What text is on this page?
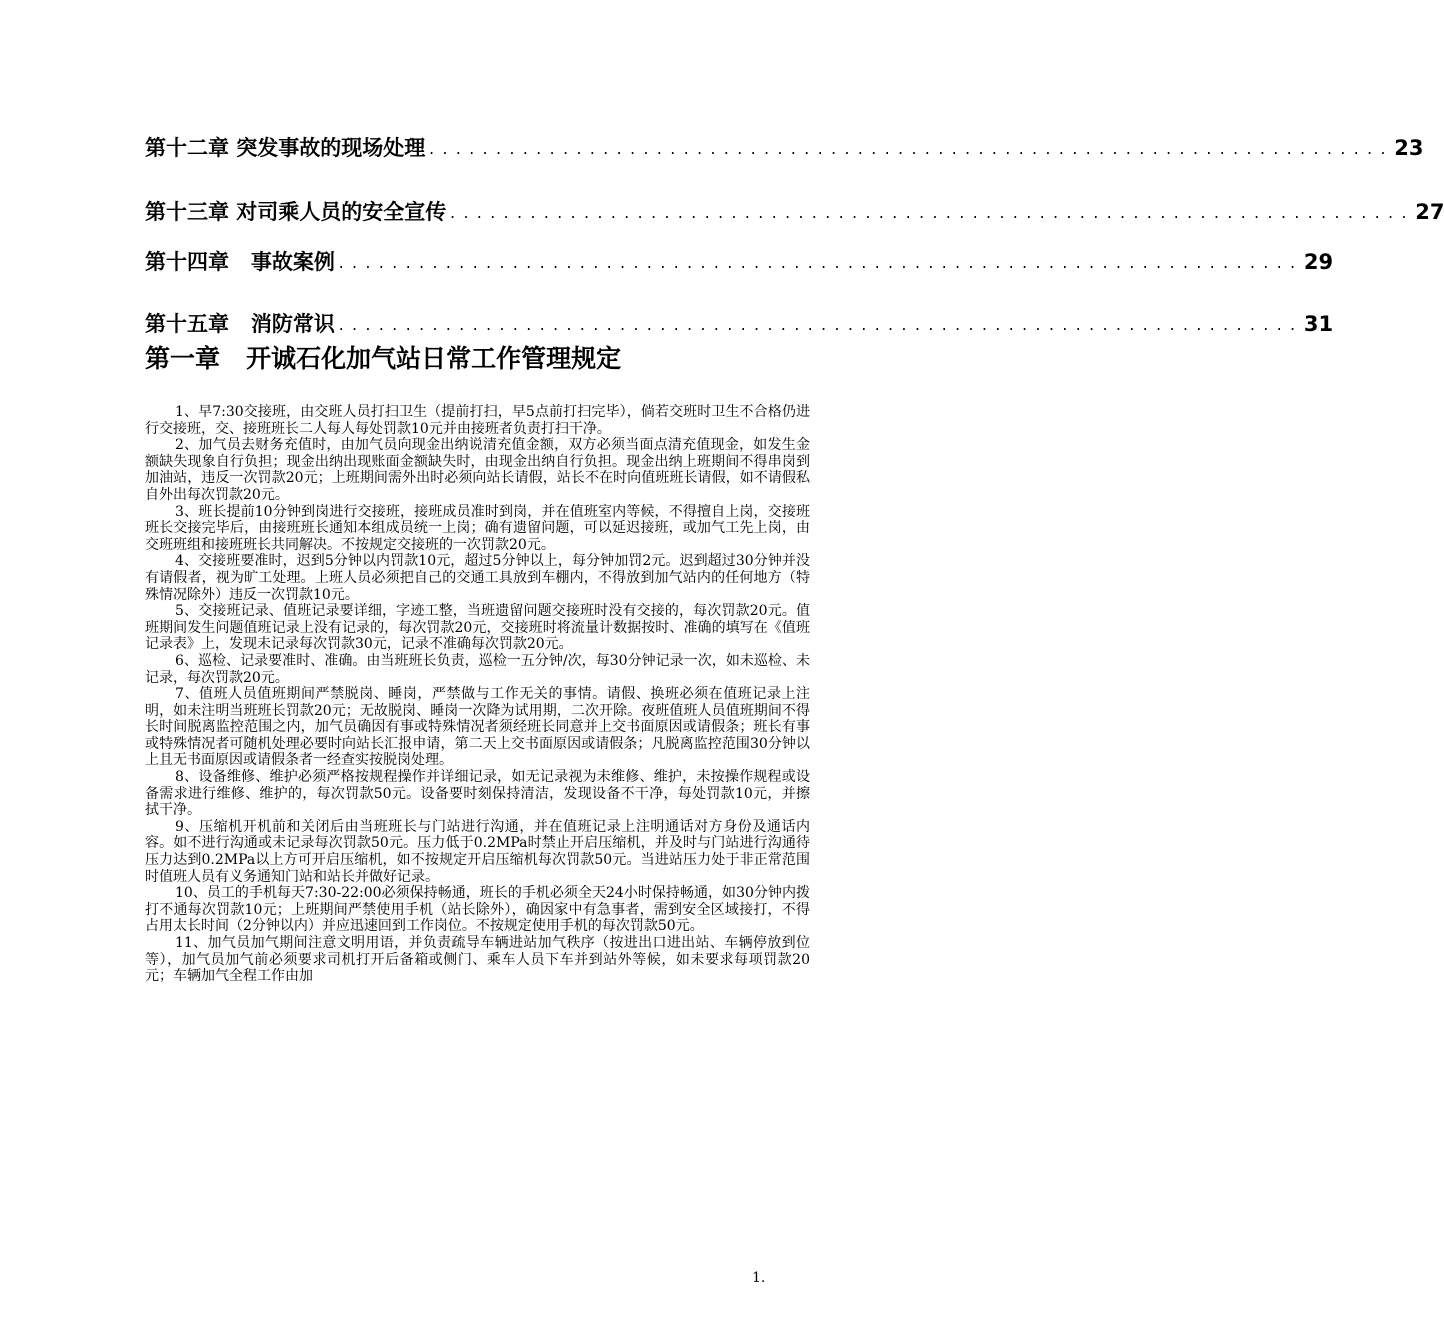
第十二章 突发事故的现场处理 ........................................................................ 23
第十三章 对司乘人员的安全宣传 ........................................................................ 27
第十四章   事故案例 ........................................................................ 29
第十五章   消防常识 ........................................................................ 31
第一章   开诚石化加气站日常工作管理规定

1、早7:30交接班，由交班人员打扫卫生（提前打扫，早5点前打扫完毕），倘若交班时卫生不合格仍进行交接班，交、接班班长二人每人每处罚款10元并由接班者负责打扫干净。

2、加气员去财务充值时，由加气员向现金出纳说清充值金额，双方必须当面点清充值现金，如发生金额缺失现象自行负担；现金出纳出现账面金额缺失时，由现金出纳自行负担。现金出纳上班期间不得串岗到加油站，违反一次罚款20元；上班期间需外出时必须向站长请假，站长不在时向值班班长请假，如不请假私自外出每次罚款20元。

3、班长提前10分钟到岗进行交接班，接班成员准时到岗，并在值班室内等候，不得擅自上岗，交接班班长交接完毕后，由接班班长通知本组成员统一上岗；确有遗留问题，可以延迟接班，或加气工先上岗，由交班班组和接班班长共同解决。不按规定交接班的一次罚款20元。

4、交接班要准时，迟到5分钟以内罚款10元，超过5分钟以上，每分钟加罚2元。迟到超过30分钟并没有请假者，视为旷工处理。上班人员必须把自己的交通工具放到车棚内，不得放到加气站内的任何地方（特殊情况除外）违反一次罚款10元。

5、交接班记录、值班记录要详细，字迹工整，当班遗留问题交接班时没有交接的，每次罚款20元。值班期间发生问题值班记录上没有记录的，每次罚款20元，交接班时将流量计数据按时、准确的填写在《值班记录表》上，发现未记录每次罚款30元，记录不准确每次罚款20元。

6、巡检、记录要准时、准确。由当班班长负责，巡检一五分钟/次，每30分钟记录一次，如未巡检、未记录，每次罚款20元。

7、值班人员值班期间严禁脱岗、睡岗，严禁做与工作无关的事情。请假、换班必须在值班记录上注明，如未注明当班班长罚款20元；无故脱岗、睡岗一次降为试用期，二次开除。夜班值班人员值班期间不得长时间脱离监控范围之内，加气员确因有事或特殊情况者须经班长同意并上交书面原因或请假条；班长有事或特殊情况者可随机处理必要时向站长汇报申请，第二天上交书面原因或请假条；凡脱离监控范围30分钟以上且无书面原因或请假条者一经查实按脱岗处理。

8、设备维修、维护必须严格按规程操作并详细记录，如无记录视为未维修、维护，未按操作规程或设备需求进行维修、维护的，每次罚款50元。设备要时刻保持清洁，发现设备不干净，每处罚款10元，并擦拭干净。

9、压缩机开机前和关闭后由当班班长与门站进行沟通，并在值班记录上注明通话对方身份及通话内容。如不进行沟通或未记录每次罚款50元。压力低于0.2MPa时禁止开启压缩机，并及时与门站进行沟通待压力达到0.2MPa以上方可开启压缩机，如不按规定开启压缩机每次罚款50元。当进站压力处于非正常范围时值班人员有义务通知门站和站长并做好记录。

10、员工的手机每天7:30-22:00必须保持畅通，班长的手机必须全天24小时保持畅通，如30分钟内拨打不通每次罚款10元；上班期间严禁使用手机（站长除外），确因家中有急事者，需到安全区域接打，不得占用太长时间（2分钟以内）并应迅速回到工作岗位。不按规定使用手机的每次罚款50元。

11、加气员加气期间注意文明用语，并负责疏导车辆进站加气秩序（按进出口进出站、车辆停放到位等），加气员加气前必须要求司机打开后备箱或侧门、乘车人员下车并到站外等候，如未要求每项罚款20元；车辆加气全程工作由加

1.
